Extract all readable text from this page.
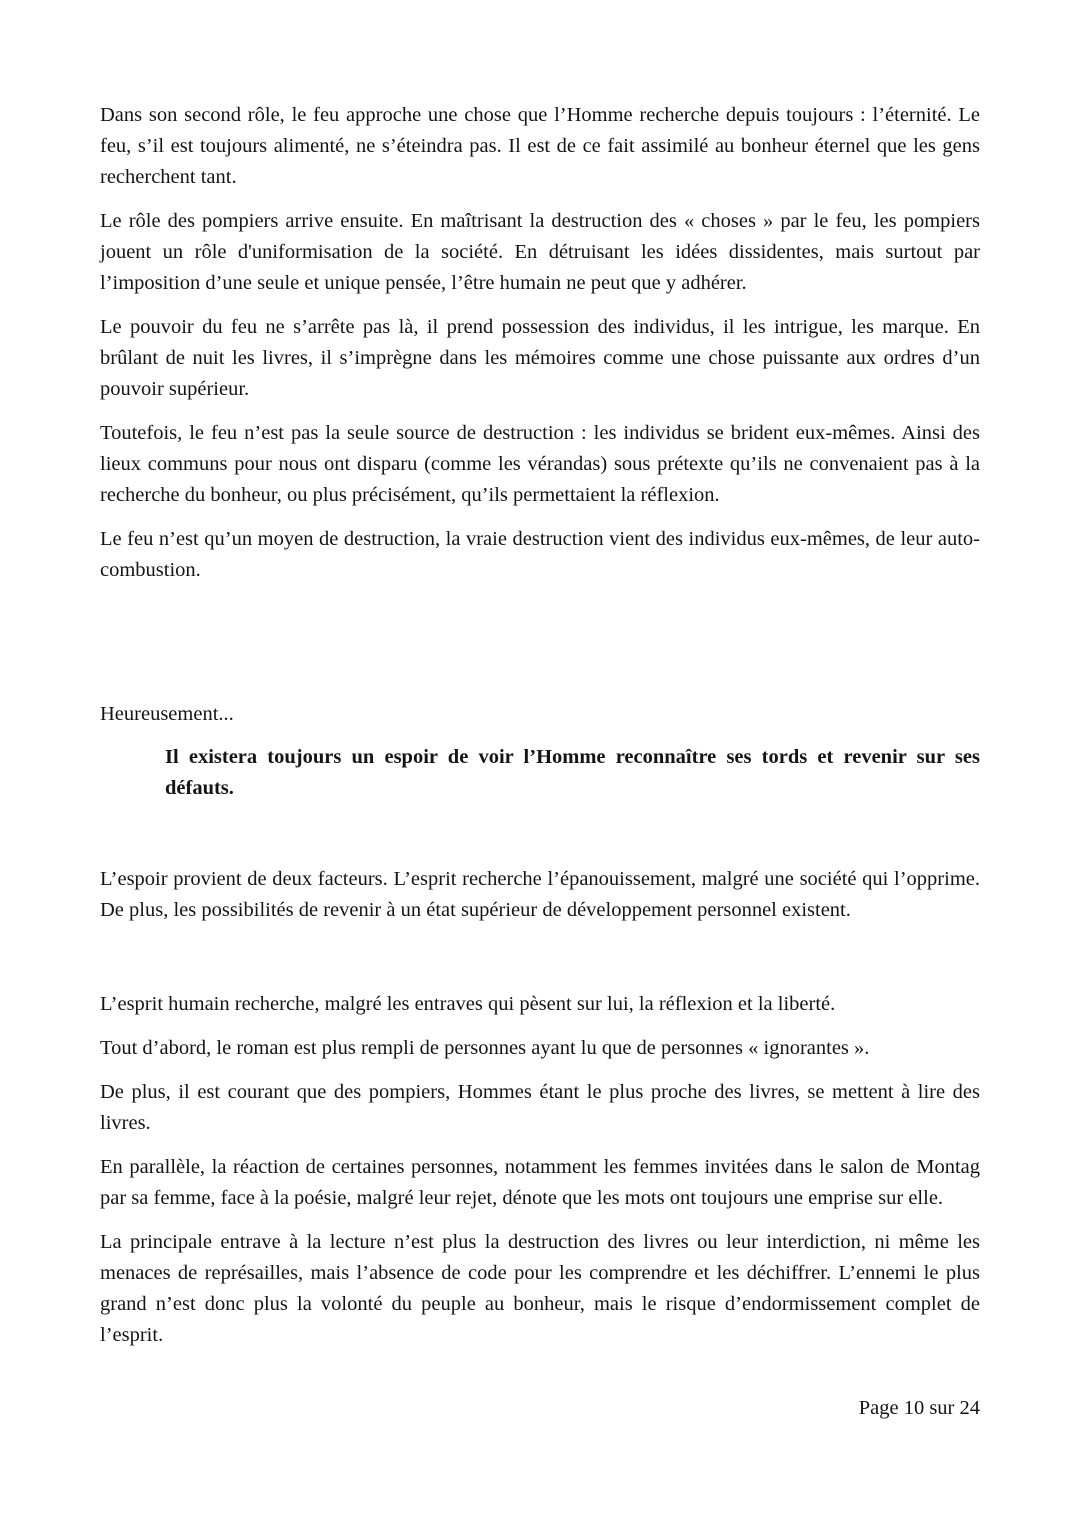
Dans son second rôle, le feu approche une chose que l’Homme recherche depuis toujours : l’éternité. Le feu, s’il est toujours alimenté, ne s’éteindra pas. Il est de ce fait assimilé au bonheur éternel que les gens recherchent tant.

Le rôle des pompiers arrive ensuite. En maîtrisant la destruction des « choses » par le feu, les pompiers jouent un rôle d'uniformisation de la société. En détruisant les idées dissidentes, mais surtout par l’imposition d’une seule et unique pensée, l’être humain ne peut que y adhérer.

Le pouvoir du feu ne s’arrête pas là, il prend possession des individus, il les intrigue, les marque. En brûlant de nuit les livres, il s’imprègne dans les mémoires comme une chose puissante aux ordres d’un pouvoir supérieur.

Toutefois, le feu n’est pas la seule source de destruction : les individus se brident eux-mêmes. Ainsi des lieux communs pour nous ont disparu (comme les vérandas) sous prétexte qu’ils ne convenaient pas à la recherche du bonheur, ou plus précisément, qu’ils permettaient la réflexion.

Le feu n’est qu’un moyen de destruction, la vraie destruction vient des individus eux-mêmes, de leur auto-combustion.

Heureusement...

Il existera toujours un espoir de voir l’Homme reconnaître ses tords et revenir sur ses défauts.

L’espoir provient de deux facteurs. L’esprit recherche l’épanouissement, malgré une société qui l’opprime. De plus, les possibilités de revenir à un état supérieur de développement personnel existent.

L’esprit humain recherche, malgré les entraves qui pèsent sur lui, la réflexion et la liberté.

Tout d’abord, le roman est plus rempli de personnes ayant lu que de personnes « ignorantes ».

De plus, il est courant que des pompiers, Hommes étant le plus proche des livres, se mettent à lire des livres.

En parallèle, la réaction de certaines personnes, notamment les femmes invitées dans le salon de Montag par sa femme, face à la poésie, malgré leur rejet, dénote que les mots ont toujours une emprise sur elle.

La principale entrave à la lecture n’est plus la destruction des livres ou leur interdiction, ni même les menaces de représailles, mais l’absence de code pour les comprendre et les déchiffrer. L’ennemi le plus grand n’est donc plus la volonté du peuple au bonheur, mais le risque d’endormissement complet de l’esprit.

Page 10 sur 24
